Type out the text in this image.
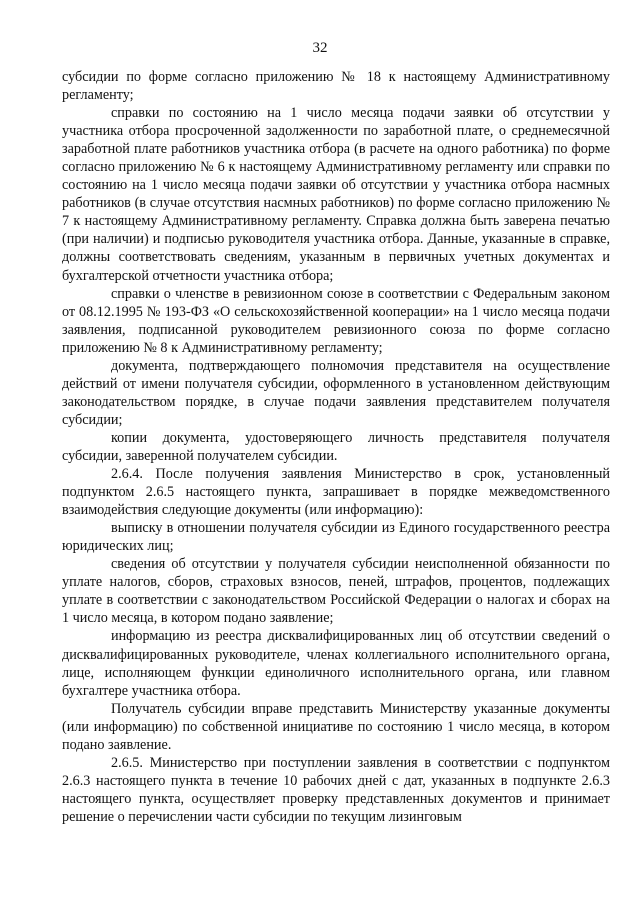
32

субсидии по форме согласно приложению № 18 к настоящему Административному регламенту;

справки по состоянию на 1 число месяца подачи заявки об отсутствии у участника отбора просроченной задолженности по заработной плате, о среднемесячной заработной плате работников участника отбора (в расчете на одного работника) по форме согласно приложению № 6 к настоящему Административному регламенту или справки по состоянию на 1 число месяца подачи заявки об отсутствии у участника отбора насмных работников (в случае отсутствия насмных работников) по форме согласно приложению № 7 к настоящему Административному регламенту. Справка должна быть заверена печатью (при наличии) и подписью руководителя участника отбора. Данные, указанные в справке, должны соответствовать сведениям, указанным в первичных учетных документах и бухгалтерской отчетности участника отбора;

справки о членстве в ревизионном союзе в соответствии с Федеральным законом от 08.12.1995 № 193-ФЗ «О сельскохозяйственной кооперации» на 1 число месяца подачи заявления, подписанной руководителем ревизионного союза по форме согласно приложению № 8 к Административному регламенту;

документа, подтверждающего полномочия представителя на осуществление действий от имени получателя субсидии, оформленного в установленном действующим законодательством порядке, в случае подачи заявления представителем получателя субсидии;

копии документа, удостоверяющего личность представителя получателя субсидии, заверенной получателем субсидии.

2.6.4. После получения заявления Министерство в срок, установленный подпунктом 2.6.5 настоящего пункта, запрашивает в порядке межведомственного взаимодействия следующие документы (или информацию):

выписку в отношении получателя субсидии из Единого государственного реестра юридических лиц;

сведения об отсутствии у получателя субсидии неисполненной обязанности по уплате налогов, сборов, страховых взносов, пеней, штрафов, процентов, подлежащих уплате в соответствии с законодательством Российской Федерации о налогах и сборах на 1 число месяца, в котором подано заявление;

информацию из реестра дисквалифицированных лиц об отсутствии сведений о дисквалифицированных руководителе, членах коллегиального исполнительного органа, лице, исполняющем функции единоличного исполнительного органа, или главном бухгалтере участника отбора.

Получатель субсидии вправе представить Министерству указанные документы (или информацию) по собственной инициативе по состоянию 1 число месяца, в котором подано заявление.

2.6.5. Министерство при поступлении заявления в соответствии с подпунктом 2.6.3 настоящего пункта в течение 10 рабочих дней с дат, указанных в подпункте 2.6.3 настоящего пункта, осуществляет проверку представленных документов и принимает решение о перечислении части субсидии по текущим лизинговым
